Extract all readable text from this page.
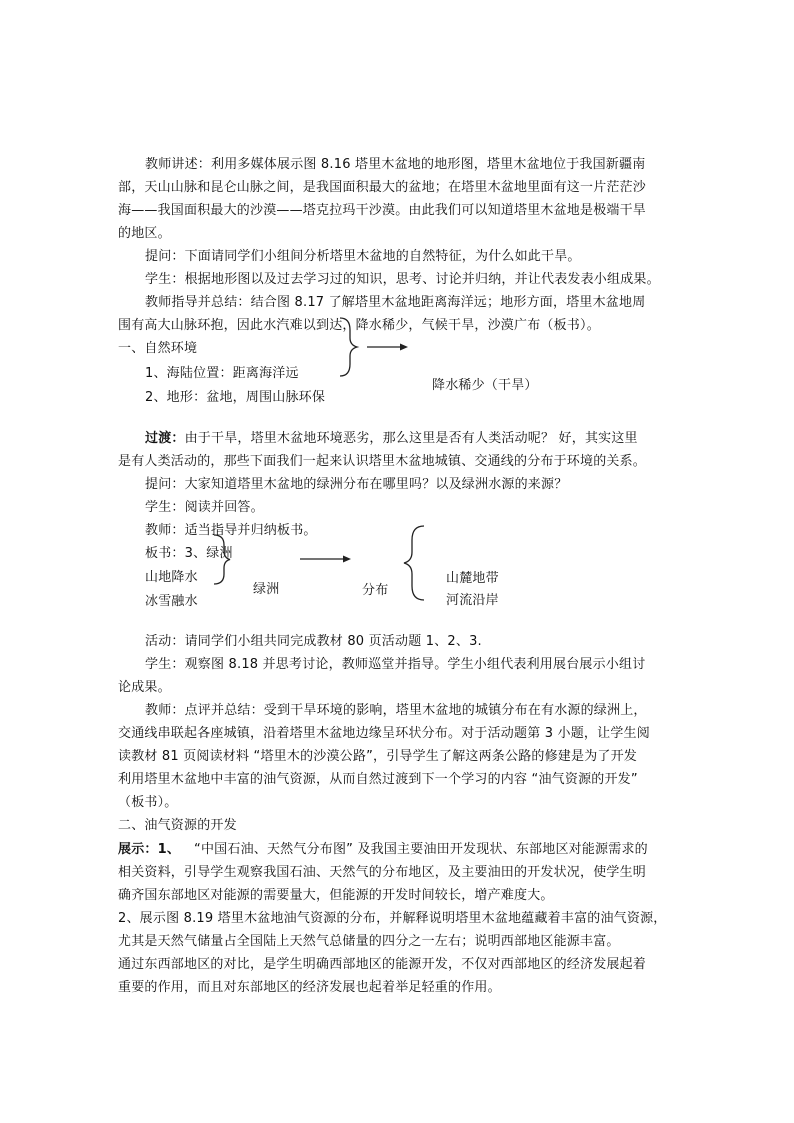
教师讲述：利用多媒体展示图 8.16 塔里木盆地的地形图，塔里木盆地位于我国新疆南
部，天山山脉和昆仑山脉之间，是我国面积最大的盆地；在塔里木盆地里面有这一片茫茫沙
海——我国面积最大的沙漠——塔克拉玛干沙漠。由此我们可以知道塔里木盆地是极端干旱
的地区。
提问：下面请同学们小组间分析塔里木盆地的自然特征，为什么如此干旱。
学生：根据地形图以及过去学习过的知识，思考、讨论并归纳，并让代表发表小组成果。
教师指导并总结：结合图 8.17 了解塔里木盆地距离海洋远；地形方面，塔里木盆地周
围有高大山脉环抱，因此水汽难以到达，降水稀少，气候干旱，沙漠广布（板书）。
一、自然环境
1、海陆位置：距离海洋远
2、地形：盆地，周围山脉环保
降水稀少（干旱）
过渡：由于干旱，塔里木盆地环境恶劣，那么这里是否有人类活动呢？ 好，其实这里
是有人类活动的，那些下面我们一起来认识塔里木盆地城镇、交通线的分布于环境的关系。
提问：大家知道塔里木盆地的绿洲分布在哪里吗？以及绿洲水源的来源？
学生：阅读并回答。
教师：适当指导并归纳板书。
板书：3、绿洲
山地降水
冰雪融水
绿洲	分布
山麓地带
河流沿岸
活动：请同学们小组共同完成教材 80 页活动题 1、2、3.
学生：观察图 8.18 并思考讨论，教师巡堂并指导。学生小组代表利用展台展示小组讨
论成果。
教师：点评并总结：受到干旱环境的影响，塔里木盆地的城镇分布在有水源的绿洲上，
交通线串联起各座城镇，沿着塔里木盆地边缘呈环状分布。对于活动题第 3 小题，让学生阅
读教材 81 页阅读材料 “塔里木的沙漠公路”，引导学生了解这两条公路的修建是为了开发
利用塔里木盆地中丰富的油气资源，从而自然过渡到下一个学习的内容 “油气资源的开发”
（板书）。
二、油气资源的开发
展示：1、 “中国石油、天然气分布图” 及我国主要油田开发现状、东部地区对能源需求的
相关资料，引导学生观察我国石油、天然气的分布地区，及主要油田的开发状况，使学生明
确齐国东部地区对能源的需要量大，但能源的开发时间较长，增产难度大。
2、展示图 8.19 塔里木盆地油气资源的分布，并解释说明塔里木盆地蕴藏着丰富的油气资源，
尤其是天然气储量占全国陆上天然气总储量的四分之一左右；说明西部地区能源丰富。
通过东西部地区的对比，是学生明确西部地区的能源开发，不仅对西部地区的经济发展起着
重要的作用，而且对东部地区的经济发展也起着举足轻重的作用。
